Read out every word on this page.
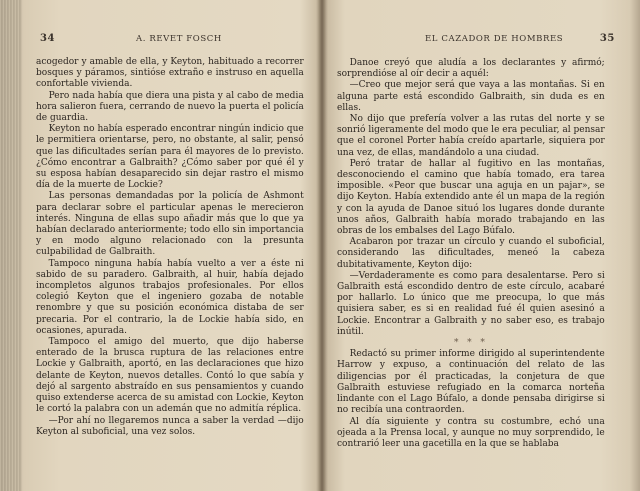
34	A. REVET FOSCH

acogedor y amable de ella, y Keyton, habituado a recorrer bosques y páramos, sintióse extraño e instruso en aquella confortable vivienda.

Pero nada había que diera una pista y al cabo de media hora salieron fuera, cerrando de nuevo la puerta el policía de guardia.

Keyton no había esperado encontrar ningún indicio que le permitiera orientarse, pero, no obstante, al salir, pensó que las dificultades serían para él mayores de lo previsto. ¿Cómo encontrar a Galbraith? ¿Cómo saber por qué él y su esposa habían desaparecido sin dejar rastro el mismo día de la muerte de Lockie?

Las personas demandadas por la policía de Ashmont para declarar sobre el particular apenas le merecieron interés. Ninguna de ellas supo añadir más que lo que ya habían declarado anteriormente; todo ello sin importancia y en modo alguno relacionado con la presunta culpabilidad de Galbraith.

Tampoco ninguna había había vuelto a ver a éste ni sabido de su paradero. Galbraith, al huir, había dejado incompletos algunos trabajos profesionales. Por ellos colegió Keyton que el ingeniero gozaba de notable renombre y que su posición económica distaba de ser precaria. Por el contrario, la de Lockie había sido, en ocasiones, apurada.

Tampoco el amigo del muerto, que dijo haberse enterado de la brusca ruptura de las relaciones entre Lockie y Galbraith, aportó, en las declaraciones que hizo delante de Keyton, nuevos detalles. Contó lo que sabía y dejó al sargento abstraído en sus pensamientos y cuando quiso extenderse acerca de su amistad con Lockie, Keyton le cortó la palabra con un ademán que no admitía réplica.

—Por ahí no llegaremos nunca a saber la verdad —dijo Keyton al suboficial, una vez solos.

EL CAZADOR DE HOMBRES	35

Danoe creyó que aludía a los declarantes y afirmó; sorprendióse al oír decir a aquél:

—Creo que mejor será que vaya a las montañas. Si en alguna parte está escondido Galbraith, sin duda es en ellas.

No dijo que prefería volver a las rutas del norte y se sonrió ligeramente del modo que le era peculiar, al pensar que el coronel Porter había creído apartarle, siquiera por una vez, de ellas, mandándolo a una ciudad.

Peró tratar de hallar al fugitivo en las montañas, desconociendo el camino que había tomado, era tarea imposible. «Peor que buscar una aguja en un pajar», se dijo Keyton. Había extendido ante él un mapa de la región y con la ayuda de Danoe situó los lugares donde durante unos años, Galbraith había morado trabajando en las obras de los embalses del Lago Búfalo.

Acabaron por trazar un círculo y cuando el suboficial, considerando las dificultades, meneó la cabeza dubitativamente, Keyton dijo:

—Verdaderamente es como para desalentarse. Pero si Galbraith está escondido dentro de este círculo, acabaré por hallarlo. Lo único que me preocupa, lo que más quisiera saber, es si en realidad fué él quien asesinó a Lockie. Encontrar a Galbraith y no saber eso, es trabajo inútil.

* * *

Redactó su primer informe dirigido al superintendente Harrow y expuso, a continuación del relato de las diligencias por él practicadas, la conjetura de que Galbraith estuviese refugiado en la comarca norteña lindante con el Lago Búfalo, a donde pensaba dirigirse si no recibía una contraorden.

Al día siguiente y contra su costumbre, echó una ojeada a la Prensa local, y aunque no muy sorprendido, le contrarió leer una gacetilla en la que se hablaba
